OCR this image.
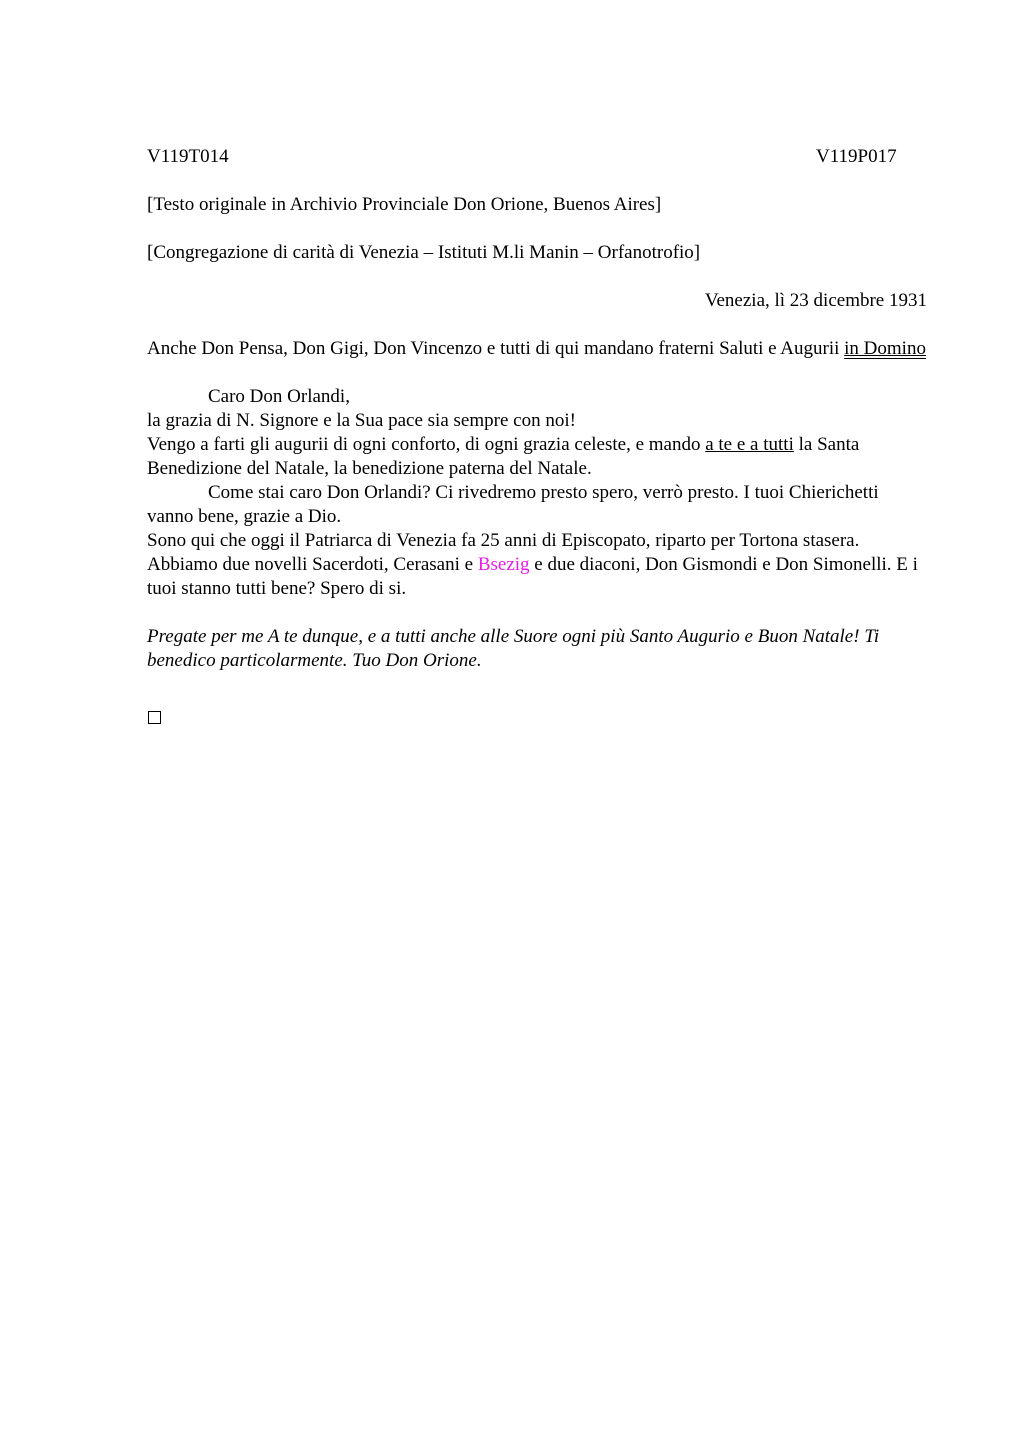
V119T014	V119P017

[Testo originale in Archivio Provinciale Don Orione, Buenos Aires]

[Congregazione di carità di Venezia – Istituti M.li Manin – Orfanotrofio]

Venezia, lì 23 dicembre 1931

Anche Don Pensa, Don Gigi, Don Vincenzo e tutti di qui mandano fraterni Saluti e Augurii in Domino

Caro Don Orlandi,

la grazia di N. Signore e la Sua pace sia sempre con noi!

Vengo a farti gli augurii di ogni conforto, di ogni grazia celeste, e mando a te e a tutti la Santa Benedizione del Natale, la benedizione paterna del Natale.

Come stai caro Don Orlandi? Ci rivedremo presto spero, verrò presto. I tuoi Chierichetti vanno bene, grazie a Dio.

Sono qui che oggi il Patriarca di Venezia fa 25 anni di Episcopato, riparto per Tortona stasera.

Abbiamo due novelli Sacerdoti, Cerasani e Bsezig e due diaconi, Don Gismondi e Don Simonelli. E i tuoi stanno tutti bene? Spero di si.

Pregate per me A te dunque, e a tutti anche alle Suore ogni più Santo Augurio e Buon Natale! Ti benedico particolarmente. Tuo Don Orione.
